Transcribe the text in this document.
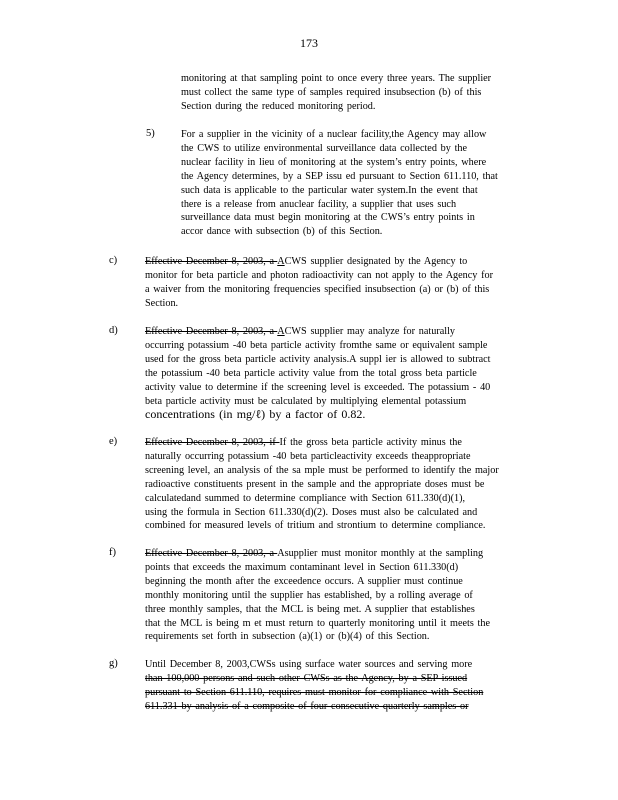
173
monitoring at that sampling point to once every three years. The supplier
must collect the same type of samples required insubsection (b) of this
Section during the reduced monitoring period.
5)	For a supplier in the vicinity of a nuclear facility,the Agency may allow
the CWS to utilize environmental surveillance data collected by the
nuclear facility in lieu of monitoring at the system’s entry points, where
the Agency determines, by a SEP issu ed pursuant to Section 611.110, that
such data is applicable to the particular water system.In the event that
there is a release from anuclear facility, a supplier that uses such
surveillance data must begin monitoring at the CWS’s entry points in
accor dance with subsection (b) of this Section.
c)	Effective December 8, 2003, a ACWS supplier designated by the Agency to
monitor for beta particle and photon radioactivity can not apply to the Agency for
a waiver from the monitoring frequencies specified insubsection (a) or (b) of this
Section.
d)	Effective December 8, 2003, a ACWS supplier may analyze for naturally
occurring potassium -40 beta particle activity fromthe same or equivalent sample
used for the gross beta particle activity analysis.A suppl ier is allowed to subtract
the potassium -40 beta particle activity value from the total gross beta particle
activity value to determine if the screening level is exceeded. The potassium - 40
beta particle activity must be calculated by multiplying elemental potassium
concentrations (in mg/ℓ) by a factor of 0.82.
e)	Effective December 8, 2003, if If the gross beta particle activity minus the
naturally occurring potassium -40 beta particleactivity exceeds theappropriate
screening level, an analysis of the sa mple must be performed to identify the major
radioactive constituents present in the sample and the appropriate doses must be
calculatedand summed to determine compliance with Section 611.330(d)(1),
using the formula in Section 611.330(d)(2). Doses must also be calculated and
combined for measured levels of tritium and strontium to determine compliance.
f)	Effective December 8, 2003, a Asupplier must monitor monthly at the sampling
points that exceeds the maximum contaminant level in Section 611.330(d)
beginning the month after the exceedence occurs. A supplier must continue
monthly monitoring until the supplier has established, by a rolling average of
three monthly samples, that the MCL is being met. A supplier that establishes
that the MCL is being m et must return to quarterly monitoring until it meets the
requirements set forth in subsection (a)(1) or (b)(4) of this Section.
g)	Until December 8, 2003,CWSs using surface water sources and serving more
than 100,000 persons and such other CWSs as the Agency, by a SEP issued
pursuant to Section 611.110, requires must monitor for compliance with Section
611.331 by analysis of a composite of four consecutive quarterly samples or
